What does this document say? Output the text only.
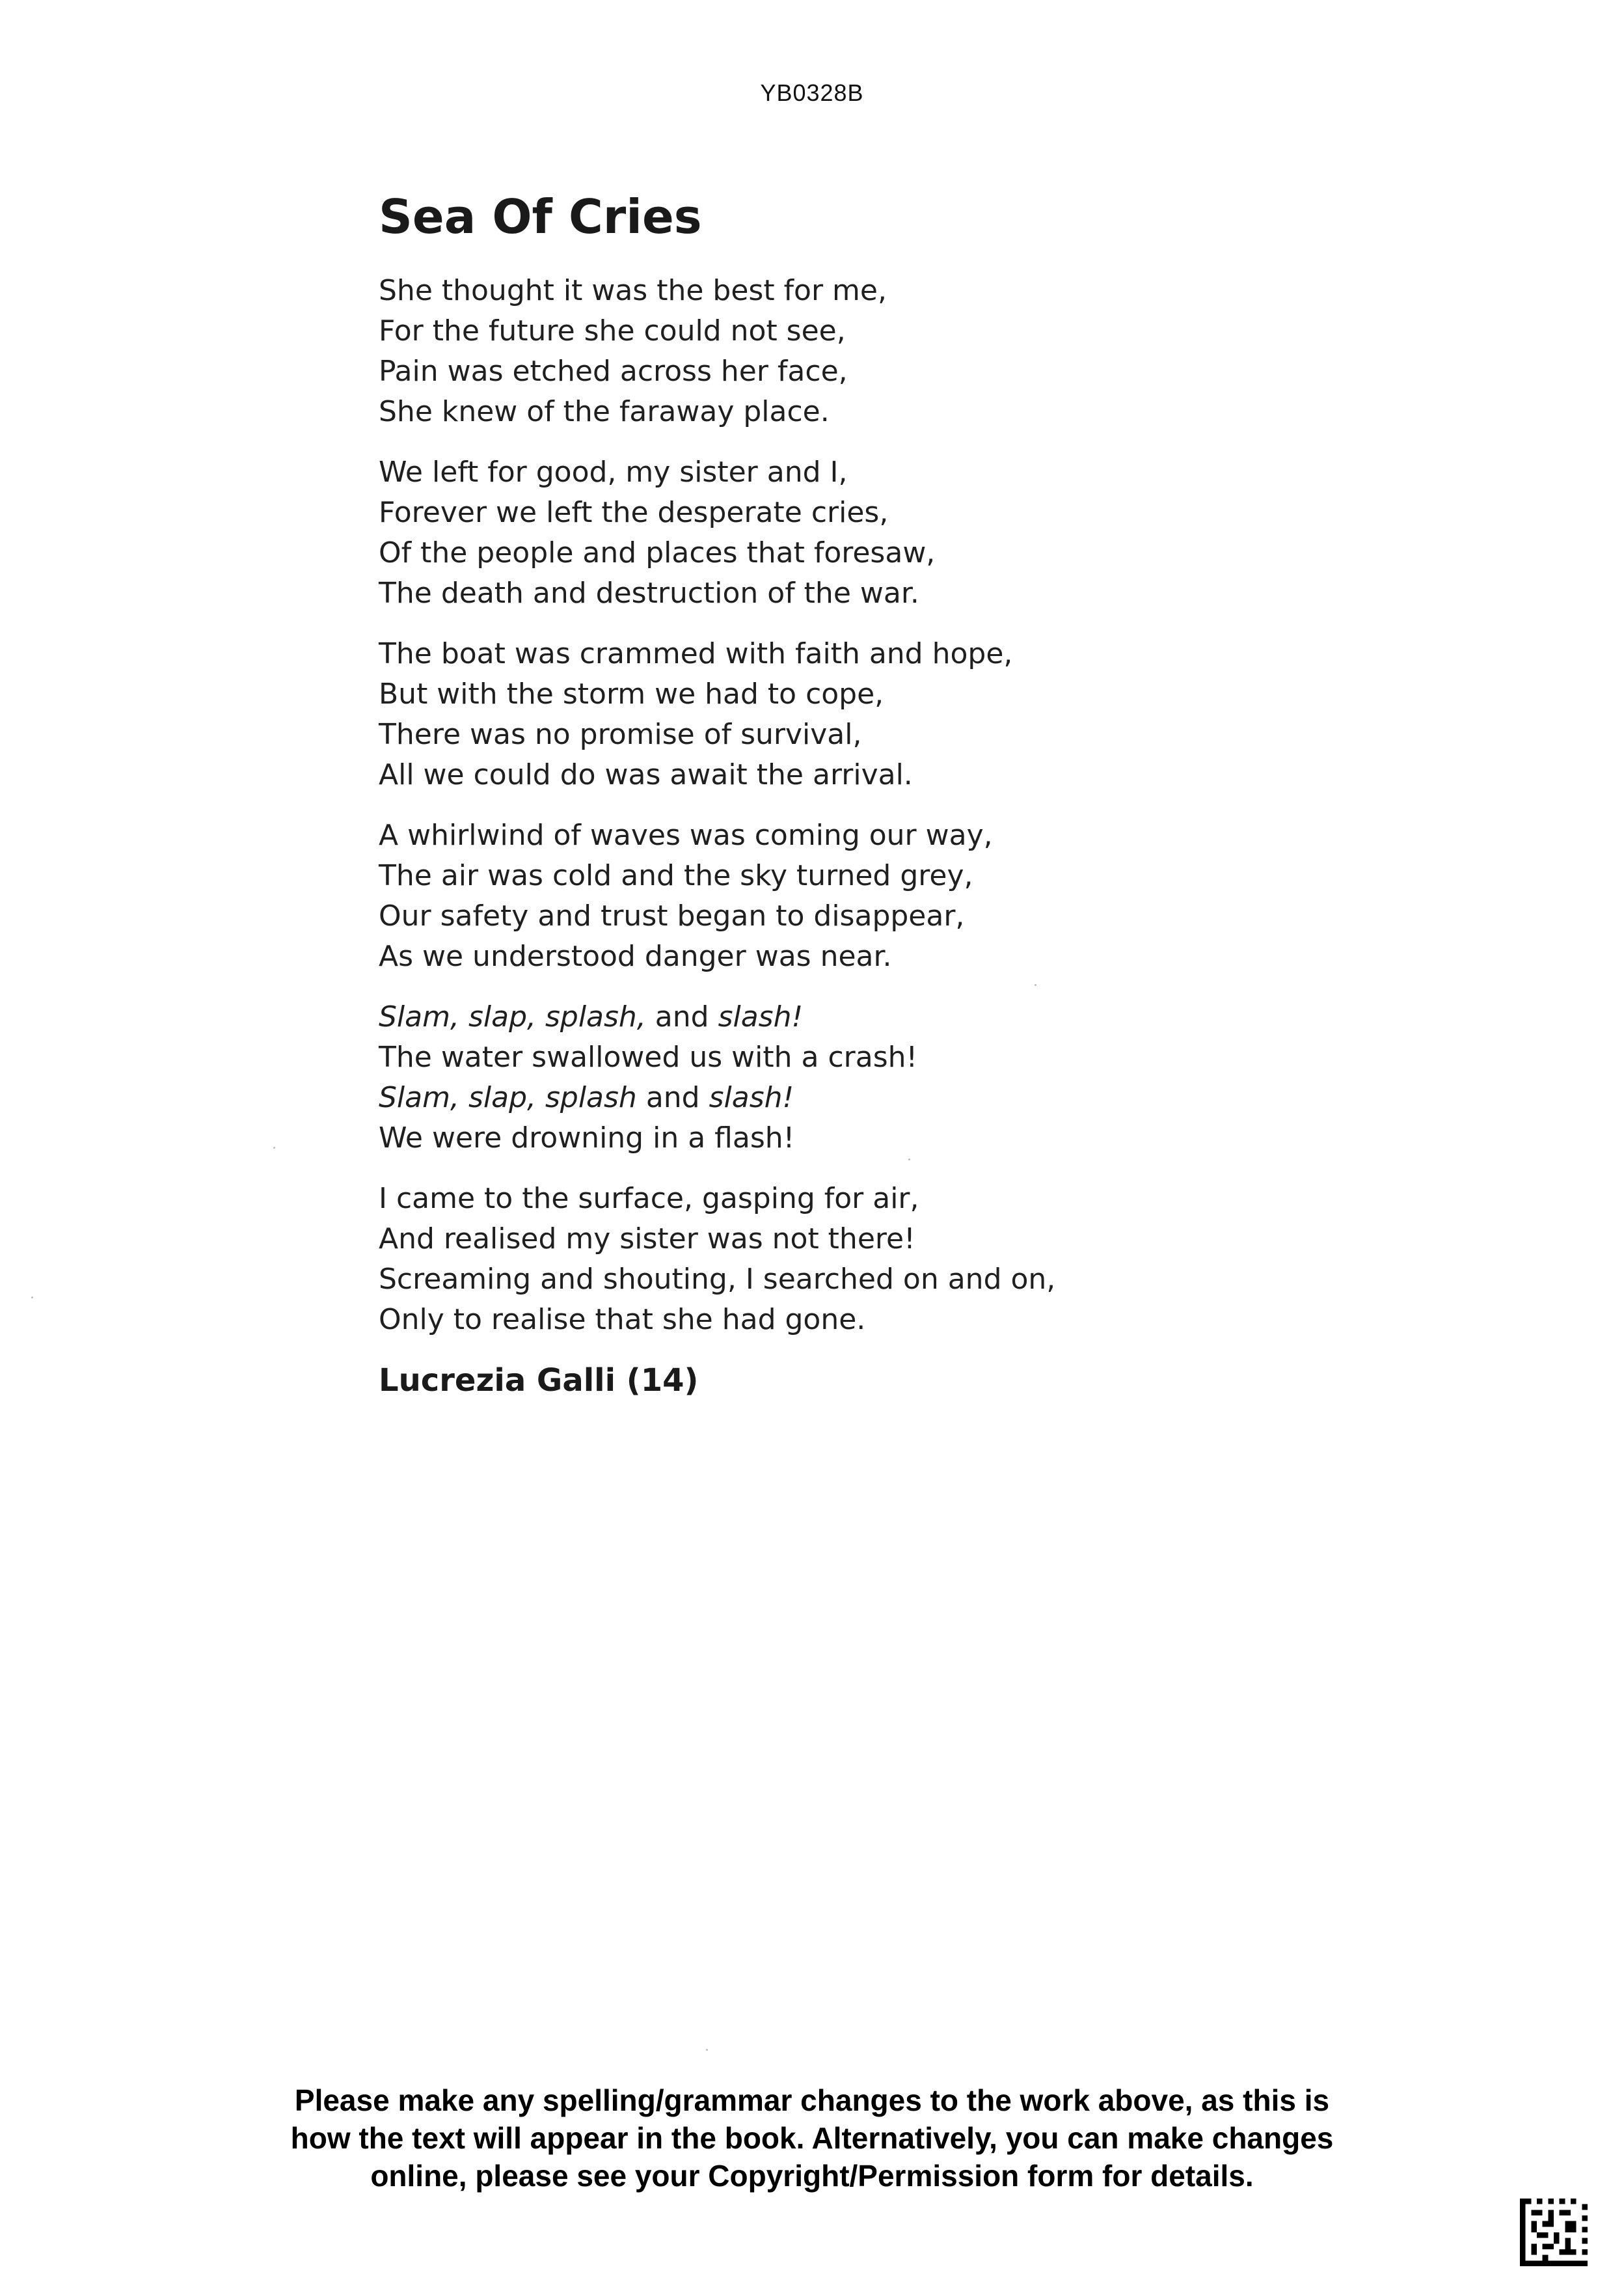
YB0328B
Sea Of Cries
She thought it was the best for me,
For the future she could not see,
Pain was etched across her face,
She knew of the faraway place.
We left for good, my sister and I,
Forever we left the desperate cries,
Of the people and places that foresaw,
The death and destruction of the war.
The boat was crammed with faith and hope,
But with the storm we had to cope,
There was no promise of survival,
All we could do was await the arrival.
A whirlwind of waves was coming our way,
The air was cold and the sky turned grey,
Our safety and trust began to disappear,
As we understood danger was near.
Slam, slap, splash, and slash!
The water swallowed us with a crash!
Slam, slap, splash and slash!
We were drowning in a flash!
I came to the surface, gasping for air,
And realised my sister was not there!
Screaming and shouting, I searched on and on,
Only to realise that she had gone.
Lucrezia Galli (14)
Please make any spelling/grammar changes to the work above, as this is
how the text will appear in the book. Alternatively, you can make changes
online, please see your Copyright/Permission form for details.
